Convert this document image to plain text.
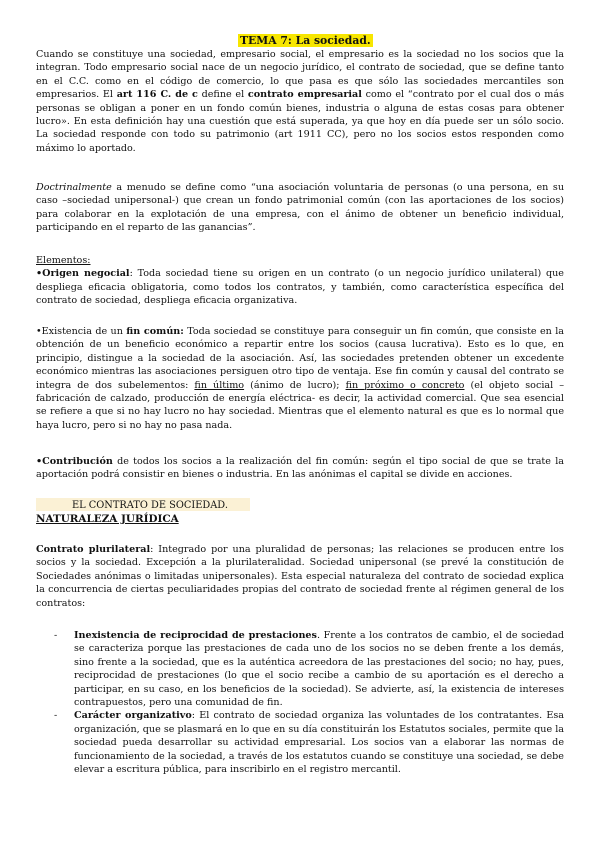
TEMA 7: La sociedad.

Cuando se constituye una sociedad, empresario social, el empresario es la sociedad no los socios que la integran. Todo empresario social nace de un negocio jurídico, el contrato de sociedad, que se define tanto en el C.C. como en el código de comercio, lo que pasa es que sólo las sociedades mercantiles son empresarios. El art 116 C. de c define el contrato empresarial como el “contrato por el cual dos o más personas se obligan a poner en un fondo común bienes, industria o alguna de estas cosas para obtener lucro». En esta definición hay una cuestión que está superada, ya que hoy en día puede ser un sólo socio. La sociedad responde con todo su patrimonio (art 1911 CC), pero no los socios estos responden como máximo lo aportado.

Doctrinalmente a menudo se define como “una asociación voluntaria de personas (o una persona, en su caso –sociedad unipersonal-) que crean un fondo patrimonial común (con las aportaciones de los socios) para colaborar en la explotación de una empresa, con el ánimo de obtener un beneficio individual, participando en el reparto de las ganancias”.

Elementos:

•Origen negocial: Toda sociedad tiene su origen en un contrato (o un negocio jurídico unilateral) que despliega eficacia obligatoria, como todos los contratos, y también, como característica específica del contrato de sociedad, despliega eficacia organizativa.

•Existencia de un fin común: Toda sociedad se constituye para conseguir un fin común, que consiste en la obtención de un beneficio económico a repartir entre los socios (causa lucrativa). Esto es lo que, en principio, distingue a la sociedad de la asociación. Así, las sociedades pretenden obtener un excedente económico mientras las asociaciones persiguen otro tipo de ventaja. Ese fin común y causal del contrato se integra de dos subelementos: fin último (ánimo de lucro); fin próximo o concreto (el objeto social –fabricación de calzado, producción de energía eléctrica- es decir, la actividad comercial. Que sea esencial se refiere a que si no hay lucro no hay sociedad. Mientras que el elemento natural es que es lo normal que haya lucro, pero si no hay no pasa nada.

•Contribución de todos los socios a la realización del fin común: según el tipo social de que se trate la aportación podrá consistir en bienes o industria. En las anónimas el capital se divide en acciones.

EL CONTRATO DE SOCIEDAD.
NATURALEZA JURÍDICA

Contrato plurilateral: Integrado por una pluralidad de personas; las relaciones se producen entre los socios y la sociedad. Excepción a la plurilateralidad. Sociedad unipersonal (se prevé la constitución de Sociedades anónimas o limitadas unipersonales). Esta especial naturaleza del contrato de sociedad explica la concurrencia de ciertas peculiaridades propias del contrato de sociedad frente al régimen general de los contratos:

- Inexistencia de reciprocidad de prestaciones. Frente a los contratos de cambio, el de sociedad se caracteriza porque las prestaciones de cada uno de los socios no se deben frente a los demás, sino frente a la sociedad, que es la auténtica acreedora de las prestaciones del socio; no hay, pues, reciprocidad de prestaciones (lo que el socio recibe a cambio de su aportación es el derecho a participar, en su caso, en los beneficios de la sociedad). Se advierte, así, la existencia de intereses contrapuestos, pero una comunidad de fin.
- Carácter organizativo: El contrato de sociedad organiza las voluntades de los contratantes. Esa organización, que se plasmará en lo que en su día constituirán los Estatutos sociales, permite que la sociedad pueda desarrollar su actividad empresarial. Los socios van a elaborar las normas de funcionamiento de la sociedad, a través de los estatutos cuando se constituye una sociedad, se debe elevar a escritura pública, para inscribirlo en el registro mercantil.
